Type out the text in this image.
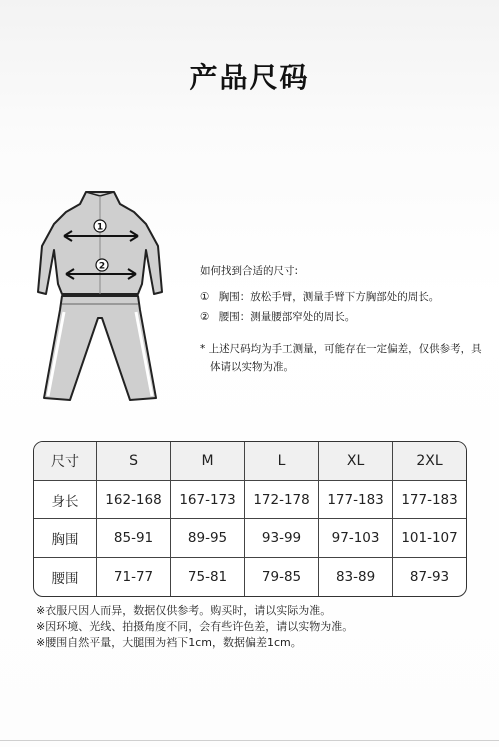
产品尺码
1
2	如何找到合适的尺寸:
① 胸围：放松手臂，测量手臂下方胸部处的周长。
② 腰围：测量腰部窄处的周长。
* 上述尺码均为手工测量，可能存在一定偏差，仅供参考，具体请以实物为准。
尺寸	S	M	L	XL	2XL
身长	162-168	167-173	172-178	177-183	177-183
胸围	85-91	89-95	93-99	97-103	101-107
腰围	71-77	75-81	79-85	83-89	87-93
※衣服尺因人而异，数据仅供参考。购买时，请以实际为准。
※因环境、光线、拍摄角度不同，会有些许色差，请以实物为准。
※腰围自然平量，大腿围为裆下1cm，数据偏差1cm。
